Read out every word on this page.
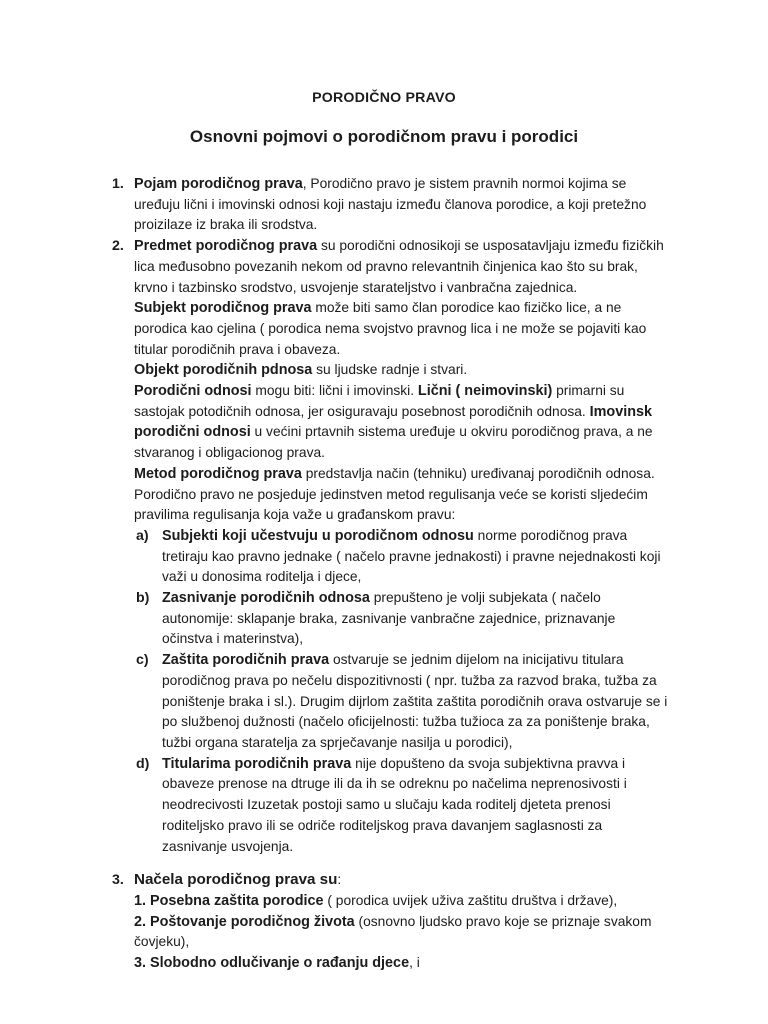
PORODIČNO PRAVO
Osnovni pojmovi o porodičnom pravu i porodici
1. Pojam porodičnog prava, Porodično pravo je sistem pravnih normoi kojima se uređuju lični i imovinski odnosi koji nastaju između članova porodice, a koji pretežno proizilaze iz braka ili srodstva.
2. Predmet porodičnog prava su porodični odnosikoji se usposatavljaju između fizičkih lica međusobno povezanih nekom od pravno relevantnih činjenica kao što su brak, krvno i tazbinsko srodstvo, usvojenje starateljstvo i vanbračna zajednica.
Subjekt porodičnog prava može biti samo član porodice kao fizičko lice, a ne porodica kao cjelina ( porodica nema svojstvo pravnog lica i ne može se pojaviti kao titular porodičnih prava i obaveza.
Objekt porodičnih pdnosa su ljudske radnje i stvari.
Porodični odnosi mogu biti: lični i imovinski. Lični ( neimovinski) primarni su sastojak potodičnih odnosa, jer osiguravaju posebnost porodičnih odnosa. Imovinsk porodični odnosi u većini prtavnih sistema uređuje u okviru porodičnog prava, a ne stvaranog i obligacionog prava.
Metod porodičnog prava predstavlja način (tehniku) uređivanaj porodičnih odnosa. Porodično pravo ne posjeduje jedinstven metod regulisanja veće se koristi sljedećim pravilima regulisanja koja važe u građanskom pravu:
a) Subjekti koji učestvuju u porodičnom odnosu norme porodičnog prava tretiraju kao pravno jednake ( načelo pravne jednakosti) i pravne nejednakosti koji važi u donosima roditelja i djece,
b) Zasnivanje porodičnih odnosa prepušteno je volji subjekata ( načelo autonomije: sklapanje braka, zasnivanje vanbračne zajednice, priznavanje očinstva i materinstva),
c) Zaštita porodičnih prava ostvaruje se jednim dijelom na inicijativu titulara porodičnog prava po nečelu dispozitivnosti ( npr. tužba za razvod braka, tužba za poništenje braka i sl.). Drugim dijrlom zaštita zaštita porodičnih orava ostvaruje se i po službenoj dužnosti (načelo oficijelnosti: tužba tužioca za za poništenje braka, tužbi organa staratelja za sprječavanje nasilja u porodici),
d) Titularima porodičnih prava nije dopušteno da svoja subjektivna pravva i obaveze prenose na dtruge ili da ih se odreknu po načelima neprenosivosti i neodrecivosti Izuzetak postoji samo u slučaju kada roditelj djeteta prenosi roditeljsko pravo ili se odriče roditeljskog prava davanjem saglasnosti za zasnivanje usvojenja.
3. Načela porodičnog prava su:
1. Posebna zaštita porodice ( porodica uvijek uživa zaštitu društva i države),
2. Poštovanje porodičnog života (osnovno ljudsko pravo koje se priznaje svakom čovjeku),
3. Slobodno odlučivanje o rađanju djece, i
